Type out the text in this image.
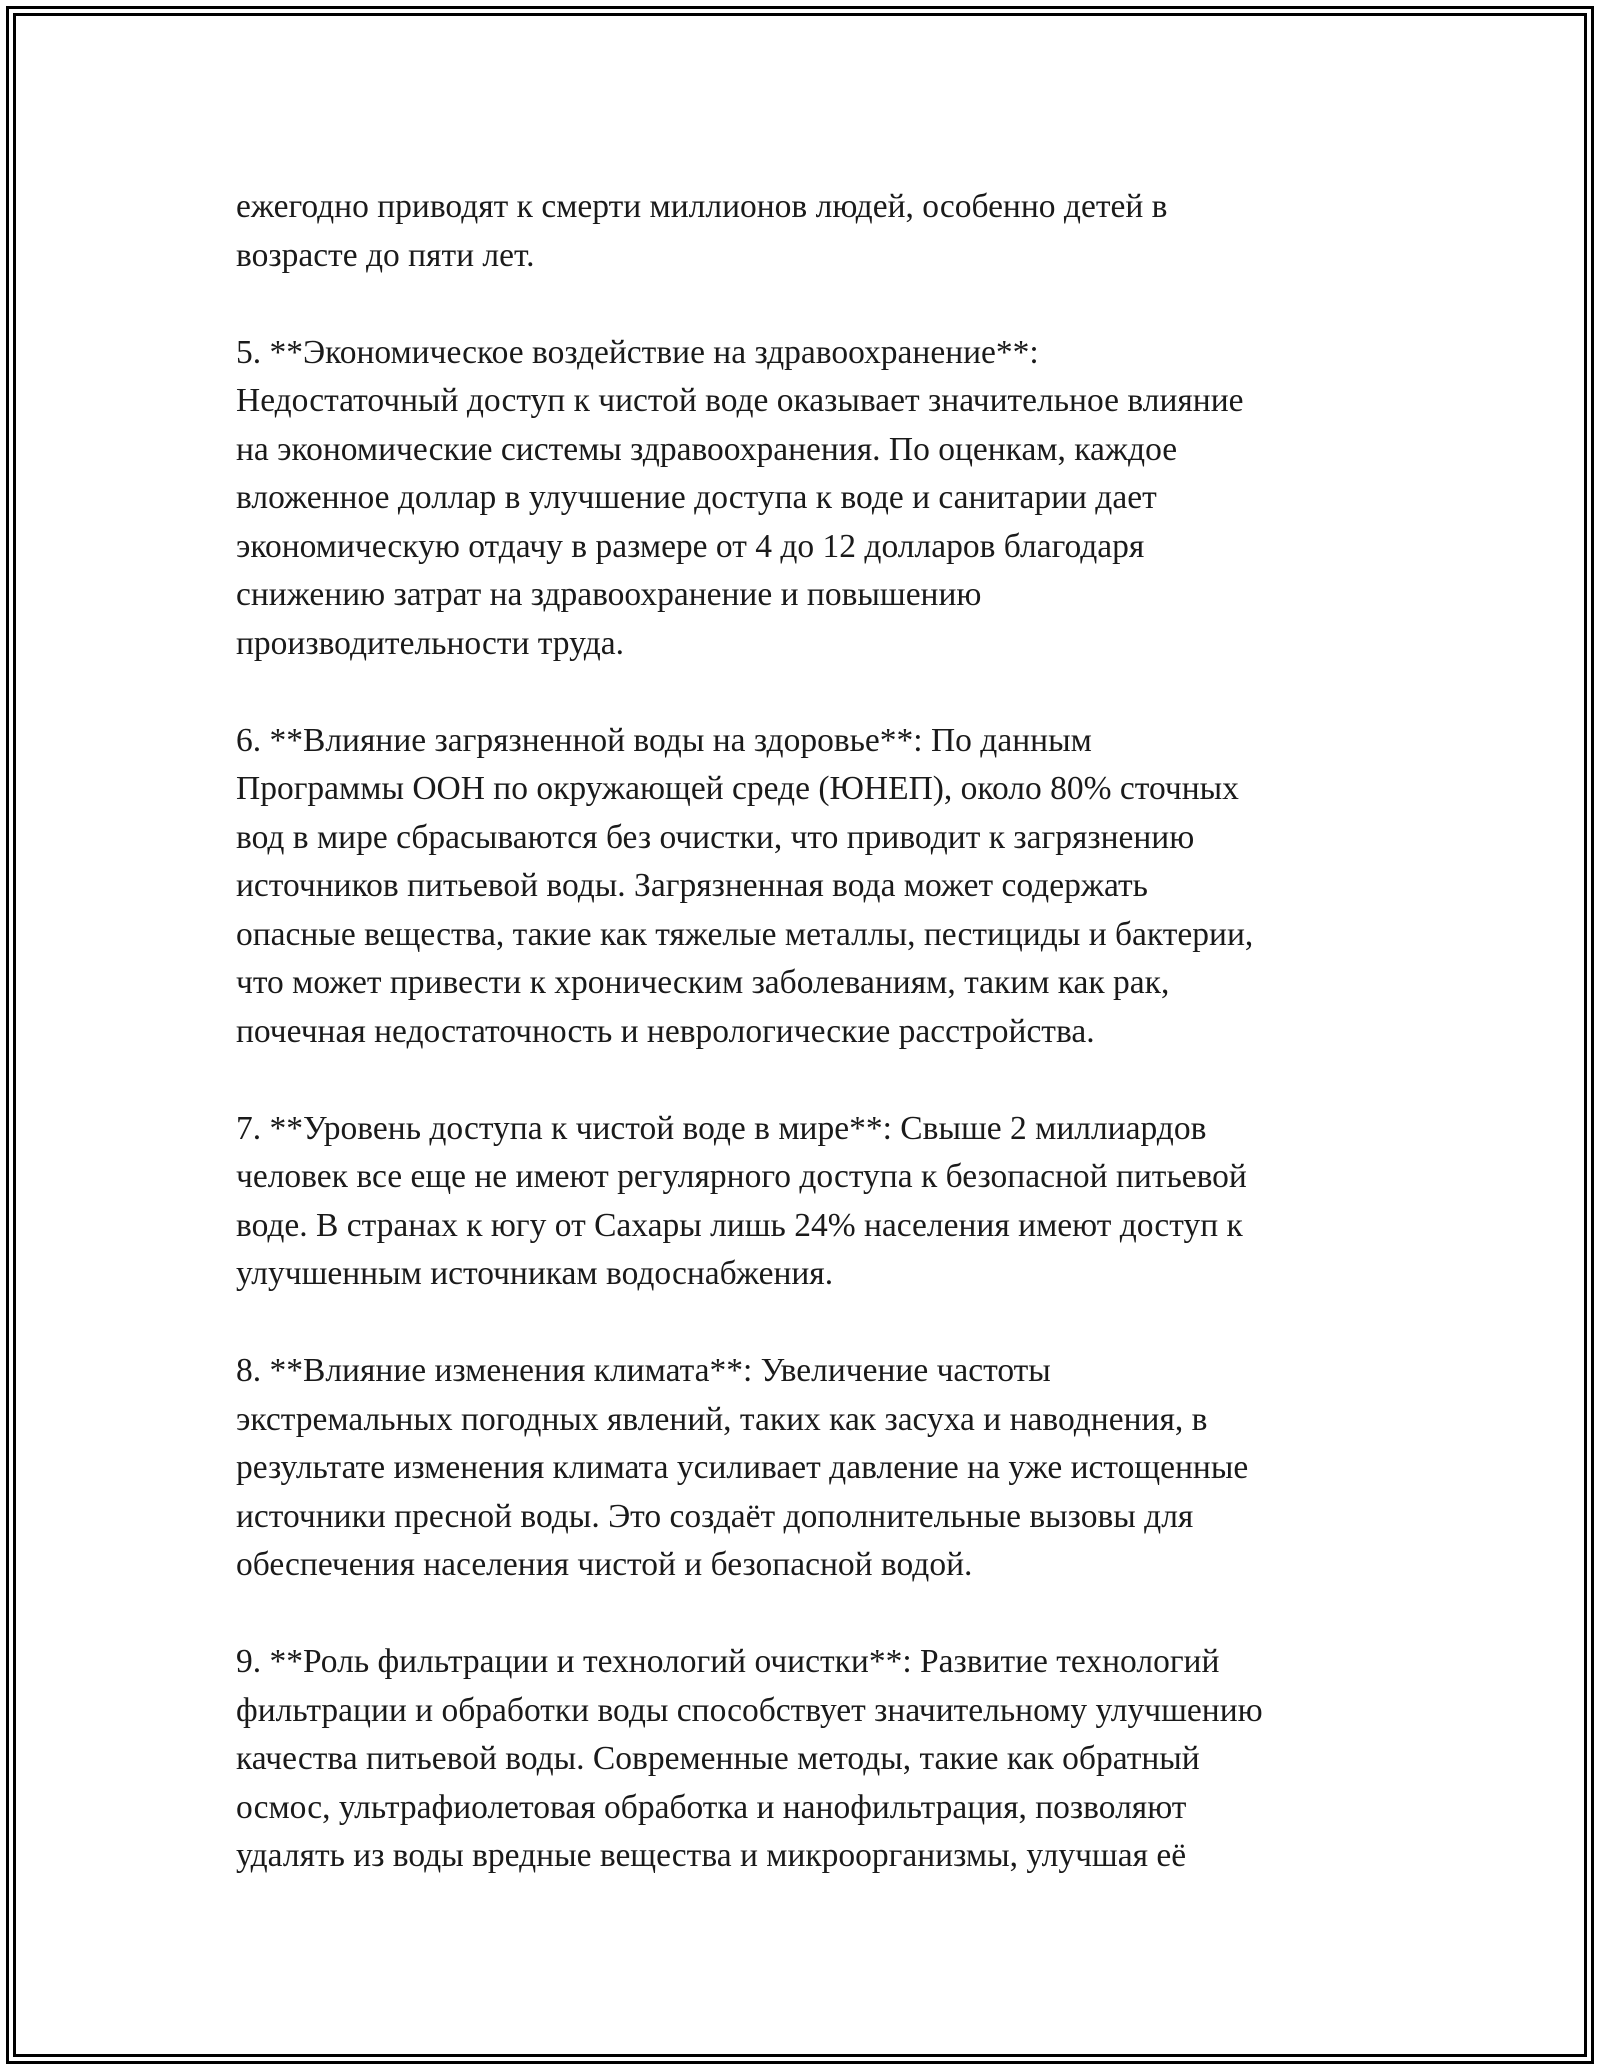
ежегодно приводят к смерти миллионов людей, особенно детей в
возрасте до пяти лет.

5. **Экономическое воздействие на здравоохранение**:
Недостаточный доступ к чистой воде оказывает значительное влияние
на экономические системы здравоохранения. По оценкам, каждое
вложенное доллар в улучшение доступа к воде и санитарии дает
экономическую отдачу в размере от 4 до 12 долларов благодаря
снижению затрат на здравоохранение и повышению
производительности труда.

6. **Влияние загрязненной воды на здоровье**: По данным
Программы ООН по окружающей среде (ЮНЕП), около 80% сточных
вод в мире сбрасываются без очистки, что приводит к загрязнению
источников питьевой воды. Загрязненная вода может содержать
опасные вещества, такие как тяжелые металлы, пестициды и бактерии,
что может привести к хроническим заболеваниям, таким как рак,
почечная недостаточность и неврологические расстройства.

7. **Уровень доступа к чистой воде в мире**: Свыше 2 миллиардов
человек все еще не имеют регулярного доступа к безопасной питьевой
воде. В странах к югу от Сахары лишь 24% населения имеют доступ к
улучшенным источникам водоснабжения.

8. **Влияние изменения климата**: Увеличение частоты
экстремальных погодных явлений, таких как засуха и наводнения, в
результате изменения климата усиливает давление на уже истощенные
источники пресной воды. Это создаёт дополнительные вызовы для
обеспечения населения чистой и безопасной водой.

9. **Роль фильтрации и технологий очистки**: Развитие технологий
фильтрации и обработки воды способствует значительному улучшению
качества питьевой воды. Современные методы, такие как обратный
осмос, ультрафиолетовая обработка и нанофильтрация, позволяют
удалять из воды вредные вещества и микроорганизмы, улучшая её
